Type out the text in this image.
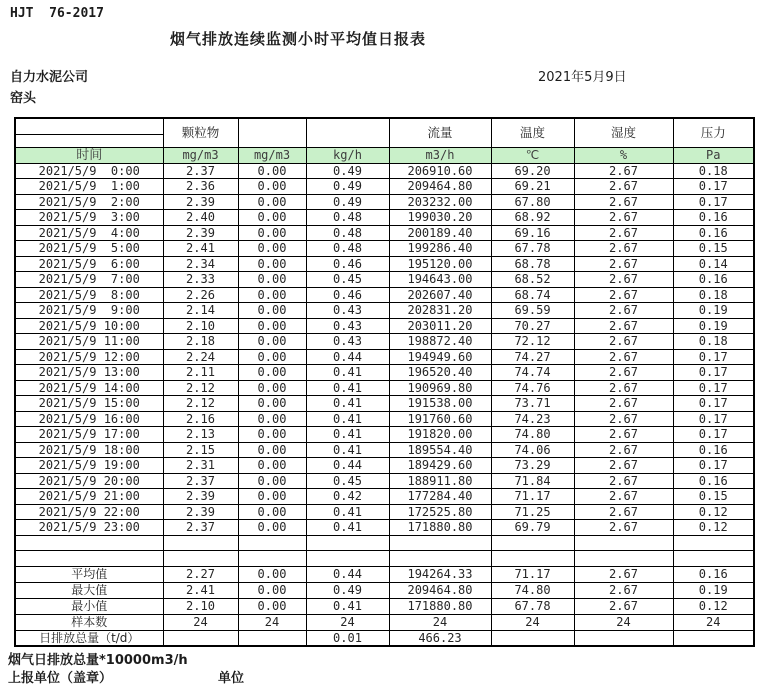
HJT  76-2017
烟气排放连续监测小时平均值日报表
自力水泥公司
窑头
2021年5月9日
	颗粒物			流量	温度	湿度	压力

时间	mg/m3	mg/m3	kg/h	m3/h	℃	%	Pa
2021/5/9  0:00	2.37	0.00	0.49	206910.60	69.20	2.67	0.18
2021/5/9  1:00	2.36	0.00	0.49	209464.80	69.21	2.67	0.17
2021/5/9  2:00	2.39	0.00	0.49	203232.00	67.80	2.67	0.17
2021/5/9  3:00	2.40	0.00	0.48	199030.20	68.92	2.67	0.16
2021/5/9  4:00	2.39	0.00	0.48	200189.40	69.16	2.67	0.16
2021/5/9  5:00	2.41	0.00	0.48	199286.40	67.78	2.67	0.15
2021/5/9  6:00	2.34	0.00	0.46	195120.00	68.78	2.67	0.14
2021/5/9  7:00	2.33	0.00	0.45	194643.00	68.52	2.67	0.16
2021/5/9  8:00	2.26	0.00	0.46	202607.40	68.74	2.67	0.18
2021/5/9  9:00	2.14	0.00	0.43	202831.20	69.59	2.67	0.19
2021/5/9 10:00	2.10	0.00	0.43	203011.20	70.27	2.67	0.19
2021/5/9 11:00	2.18	0.00	0.43	198872.40	72.12	2.67	0.18
2021/5/9 12:00	2.24	0.00	0.44	194949.60	74.27	2.67	0.17
2021/5/9 13:00	2.11	0.00	0.41	196520.40	74.74	2.67	0.17
2021/5/9 14:00	2.12	0.00	0.41	190969.80	74.76	2.67	0.17
2021/5/9 15:00	2.12	0.00	0.41	191538.00	73.71	2.67	0.17
2021/5/9 16:00	2.16	0.00	0.41	191760.60	74.23	2.67	0.17
2021/5/9 17:00	2.13	0.00	0.41	191820.00	74.80	2.67	0.17
2021/5/9 18:00	2.15	0.00	0.41	189554.40	74.06	2.67	0.16
2021/5/9 19:00	2.31	0.00	0.44	189429.60	73.29	2.67	0.17
2021/5/9 20:00	2.37	0.00	0.45	188911.80	71.84	2.67	0.16
2021/5/9 21:00	2.39	0.00	0.42	177284.40	71.17	2.67	0.15
2021/5/9 22:00	2.39	0.00	0.41	172525.80	71.25	2.67	0.12
2021/5/9 23:00	2.37	0.00	0.41	171880.80	69.79	2.67	0.12

平均值	2.27	0.00	0.44	194264.33	71.17	2.67	0.16
最大值	2.41	0.00	0.49	209464.80	74.80	2.67	0.19
最小值	2.10	0.00	0.41	171880.80	67.78	2.67	0.12
样本数	24	24	24	24	24	24	24
日排放总量（t/d）			0.01	466.23			
烟气日排放总量*10000m3/h
上报单位（盖章）	单位
